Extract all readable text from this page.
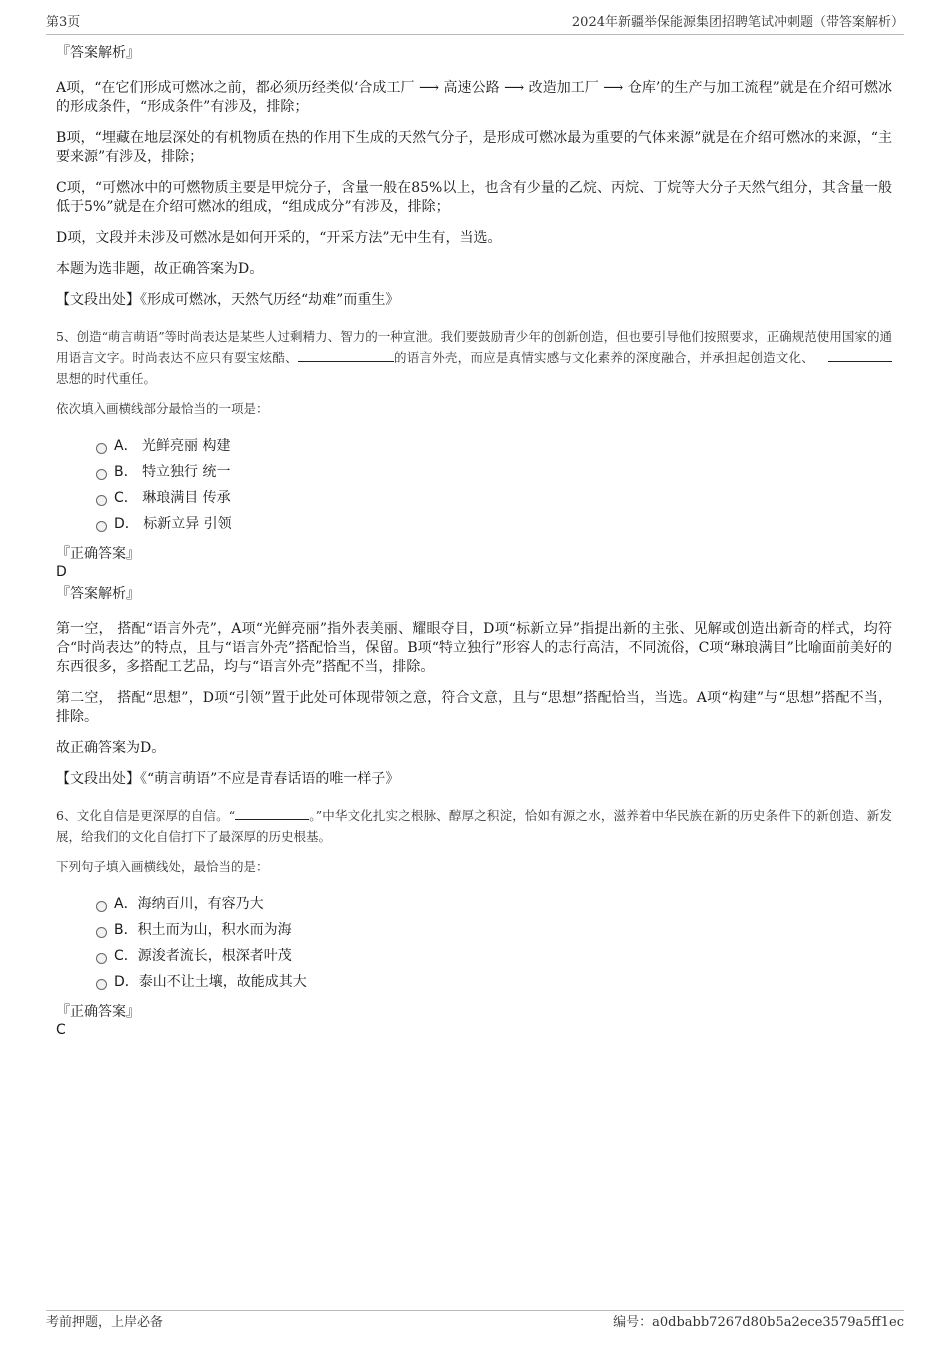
第3页	2024年新疆举保能源集团招聘笔试冲刺题（带答案解析）
『答案解析』

A项，“在它们形成可燃冰之前，都必须历经类似‘合成工厂 ⟶ 高速公路 ⟶ 改造加工厂 ⟶ 仓库’的生产与加工流程”就是在介绍可燃冰的形成条件，“形成条件”有涉及，排除；

B项，“埋藏在地层深处的有机物质在热的作用下生成的天然气分子，是形成可燃冰最为重要的气体来源”就是在介绍可燃冰的来源，“主要来源”有涉及，排除；

C项，“可燃冰中的可燃物质主要是甲烷分子，含量一般在85%以上，也含有少量的乙烷、丙烷、丁烷等大分子天然气组分，其含量一般低于5%”就是在介绍可燃冰的组成，“组成成分”有涉及，排除；

D项，文段并未涉及可燃冰是如何开采的，“开采方法”无中生有，当选。

本题为选非题，故正确答案为D。

【文段出处】《形成可燃冰，天然气历经“劫难”而重生》

5、创造“萌言萌语”等时尚表达是某些人过剩精力、智力的一种宣泄。我们要鼓励青少年的创新创造，但也要引导他们按照要求，正确规范使用国家的通用语言文字。时尚表达不应只有耍宝炫酷、	的语言外壳，而应是真情实感与文化素养的深度融合，并承担起创造文化、思想的时代重任。

依次填入画横线部分最恰当的一项是：

A． 光鲜亮丽 构建
B． 特立独行 统一
C． 琳琅满目 传承
D． 标新立异 引领
『正确答案』
D
『答案解析』

第一空， 搭配“语言外壳”，A项“光鲜亮丽”指外表美丽、耀眼夺目，D项“标新立异”指提出新的主张、见解或创造出新奇的样式，均符合“时尚表达”的特点，且与“语言外壳”搭配恰当，保留。B项“特立独行”形容人的志行高洁，不同流俗，C项“琳琅满目”比喻面前美好的东西很多，多搭配工艺品，均与“语言外壳”搭配不当，排除。

第二空， 搭配“思想”，D项“引领”置于此处可体现带领之意，符合文意，且与“思想”搭配恰当，当选。A项“构建”与“思想”搭配不当，排除。

故正确答案为D。

【文段出处】《“萌言萌语”不应是青春话语的唯一样子》

6、文化自信是更深厚的自信。“	。”中华文化扎实之根脉、醇厚之积淀，恰如有源之水，滋养着中华民族在新的历史条件下的新创造、新发展，给我们的文化自信打下了最深厚的历史根基。

下列句子填入画横线处，最恰当的是：

A．海纳百川，有容乃大
B．积土而为山，积水而为海
C．源浚者流长，根深者叶茂
D．泰山不让土壤，故能成其大
『正确答案』
C
考前押题，上岸必备	编号：a0dbabb7267d80b5a2ece3579a5ff1ec
